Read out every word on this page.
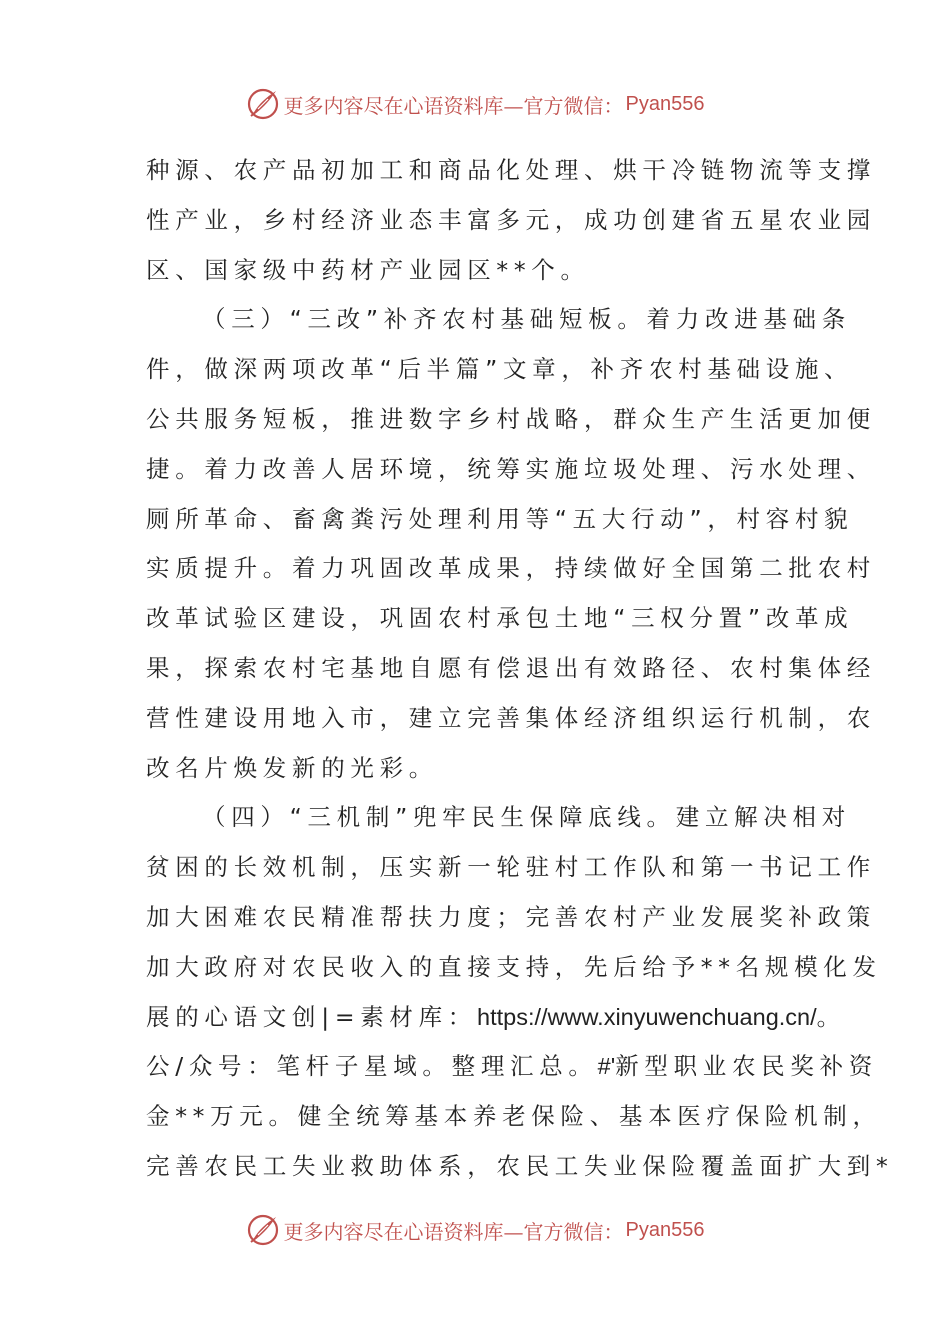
更多内容尽在心语资料库—官方微信： Pyan556
种源、农产品初加工和商品化处理、烘干冷链物流等支撑
性产业，乡村经济业态丰富多元，成功创建省五星农业园
区、国家级中药材产业园区**个。
（三）“三改”补齐农村基础短板。着力改进基础条
件，做深两项改革“后半篇”文章，补齐农村基础设施、
公共服务短板，推进数字乡村战略，群众生产生活更加便
捷。着力改善人居环境，统筹实施垃圾处理、污水处理、
厕所革命、畜禽粪污处理利用等“五大行动”，村容村貌
实质提升。着力巩固改革成果，持续做好全国第二批农村
改革试验区建设，巩固农村承包土地“三权分置”改革成
果，探索农村宅基地自愿有偿退出有效路径、农村集体经
营性建设用地入市，建立完善集体经济组织运行机制，农
改名片焕发新的光彩。
（四）“三机制”兜牢民生保障底线。建立解决相对
贫困的长效机制，压实新一轮驻村工作队和第一书记工作
加大困难农民精准帮扶力度；完善农村产业发展奖补政策
加大政府对农民收入的直接支持，先后给予**名规模化发
展的心语文创|=素材库：https://www.xinyuwenchuang.cn/。
公/众号：笔杆子星域。整理汇总。#'新型职业农民奖补资
金**万元。健全统筹基本养老保险、基本医疗保险机制，
完善农民工失业救助体系，农民工失业保险覆盖面扩大到*
更多内容尽在心语资料库—官方微信： Pyan556
